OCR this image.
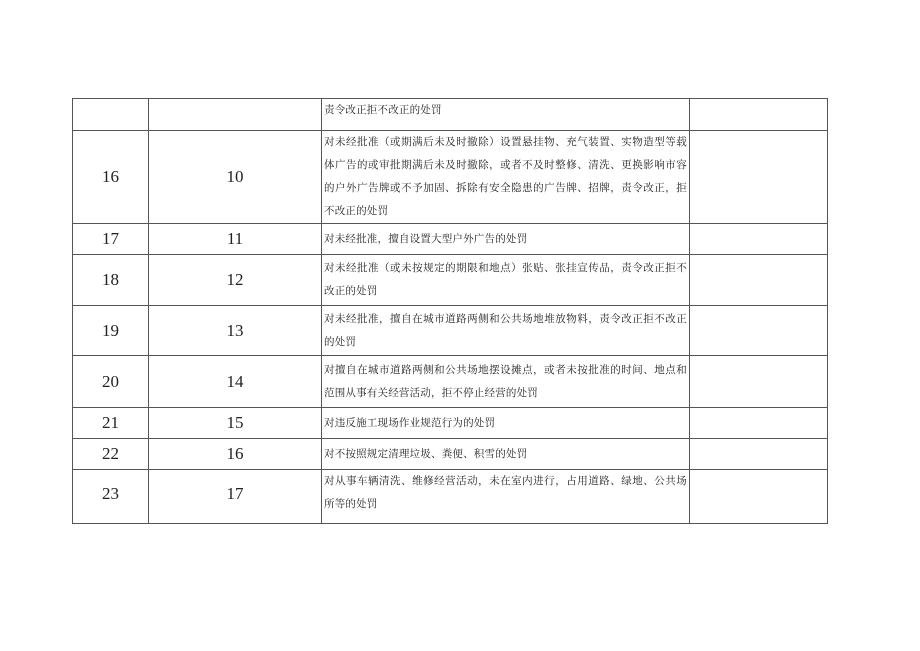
		责令改正拒不改正的处罚	

16	10	对未经批准（或期满后未及时撤除）设置悬挂物、充气装置、实物造型等载体广告的或审批期满后未及时撤除，或者不及时整修、清洗、更换影响市容的户外广告牌或不予加固、拆除有安全隐患的广告牌、招牌，责令改正，拒不改正的处罚	

17	11	对未经批准，擅自设置大型户外广告的处罚	

18	12	对未经批准（或未按规定的期限和地点）张贴、张挂宣传品，责令改正拒不改正的处罚	

19	13	对未经批准，擅自在城市道路两侧和公共场地堆放物料，责令改正拒不改正的处罚	

20	14	对擅自在城市道路两侧和公共场地摆设摊点，或者未按批准的时间、地点和范围从事有关经营活动，拒不停止经营的处罚	

21	15	对违反施工现场作业规范行为的处罚	

22	16	对不按照规定清理垃圾、粪便、积雪的处罚	

23	17	对从事车辆清洗、维修经营活动，未在室内进行，占用道路、绿地、公共场所等的处罚	
